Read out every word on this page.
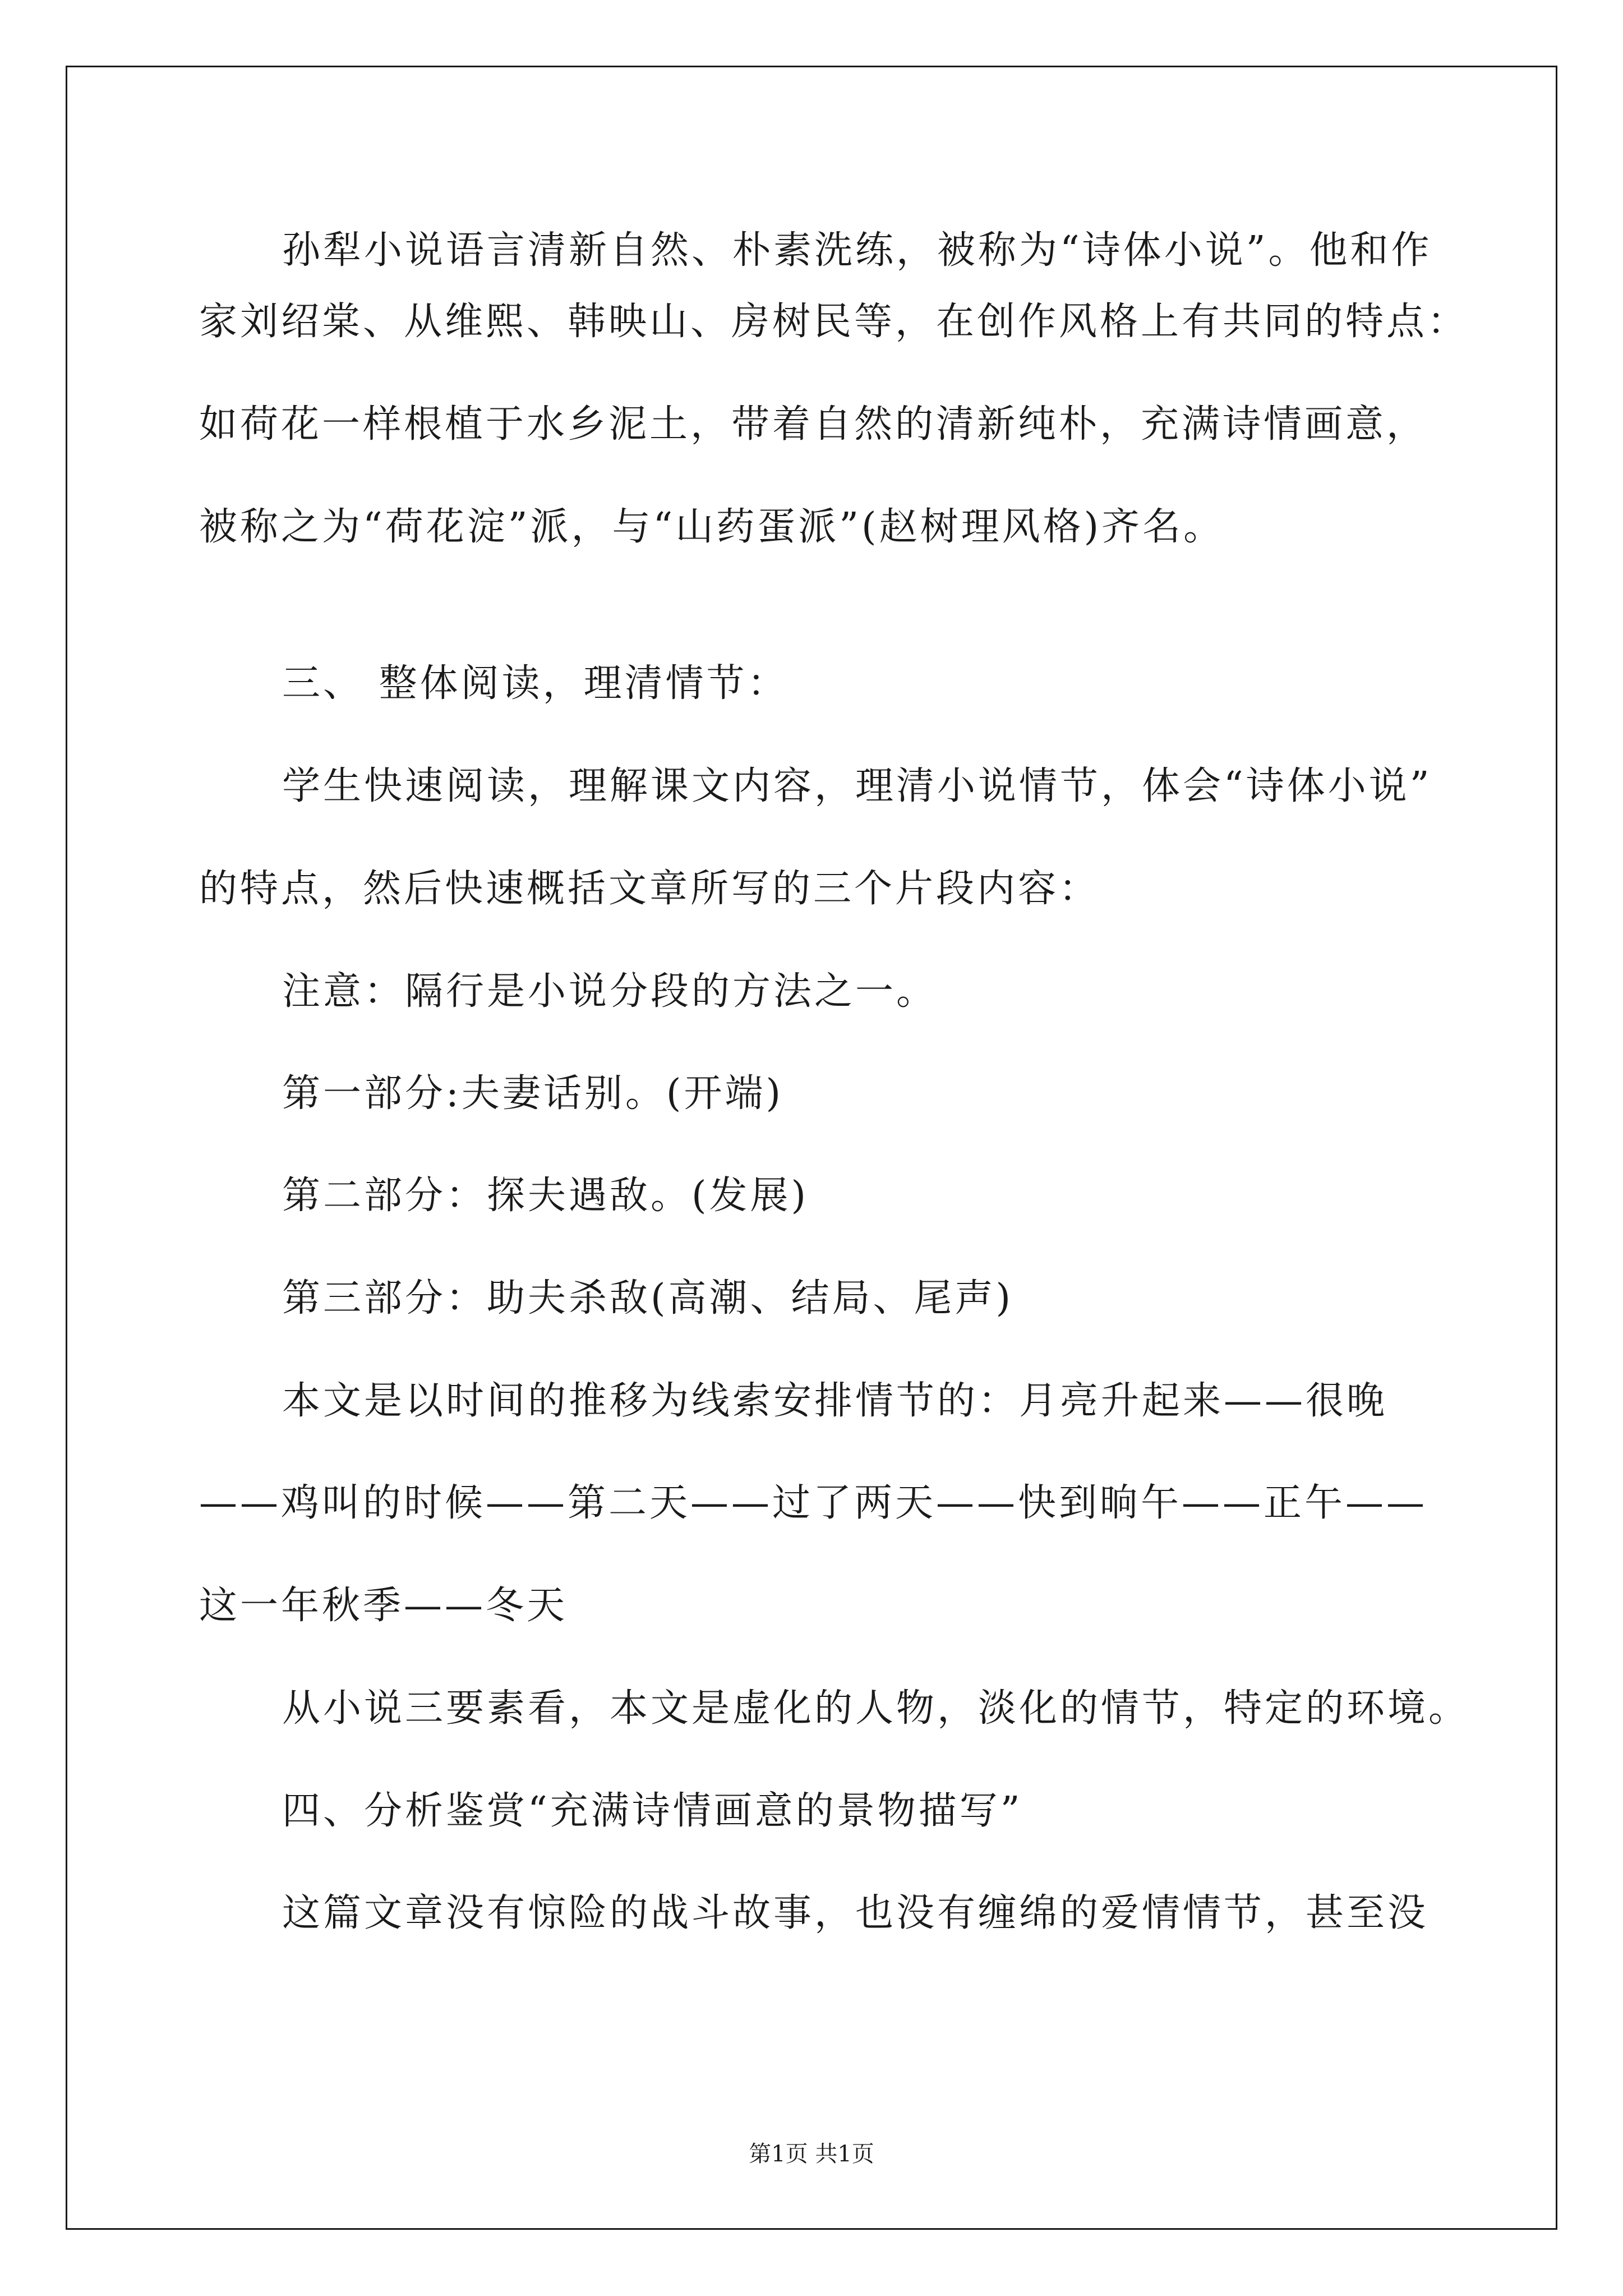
孙犁小说语言清新自然、朴素洗练，被称为“诗体小说”。他和作
家刘绍棠、从维熙、韩映山、房树民等，在创作风格上有共同的特点：
如荷花一样根植于水乡泥土，带着自然的清新纯朴，充满诗情画意，
被称之为“荷花淀”派，与“山药蛋派”(赵树理风格)齐名。
三、 整体阅读，理清情节：
学生快速阅读，理解课文内容，理清小说情节，体会“诗体小说”
的特点，然后快速概括文章所写的三个片段内容：
注意：隔行是小说分段的方法之一。
第一部分:夫妻话别。(开端)
第二部分：探夫遇敌。(发展)
第三部分：助夫杀敌(高潮、结局、尾声)
本文是以时间的推移为线索安排情节的：月亮升起来——很晚
——鸡叫的时候——第二天——过了两天——快到晌午——正午——
这一年秋季——冬天
从小说三要素看，本文是虚化的人物，淡化的情节，特定的环境。
四、分析鉴赏“充满诗情画意的景物描写”
这篇文章没有惊险的战斗故事，也没有缠绵的爱情情节，甚至没
第1页 共1页
